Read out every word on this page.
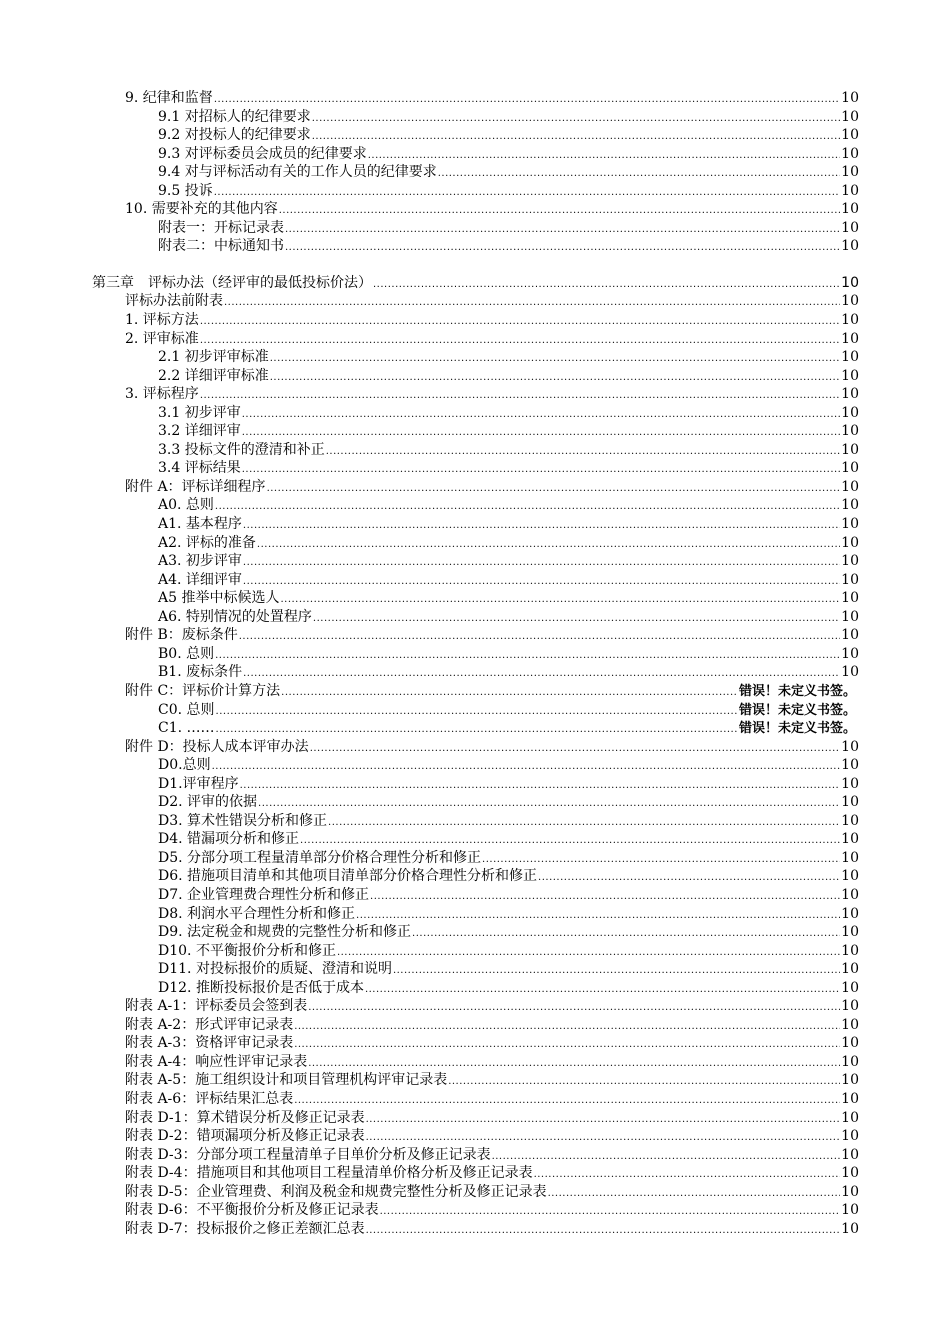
9. 纪律和监督 .....	10
9.1 对招标人的纪律要求 .....	10
9.2 对投标人的纪律要求 .....	10
9.3 对评标委员会成员的纪律要求 .....	10
9.4 对与评标活动有关的工作人员的纪律要求 .....	10
9.5 投诉 .....	10
10. 需要补充的其他内容 .....	10
附表一：开标记录表 .....	10
附表二：中标通知书 .....	10
第三章　评标办法（经评审的最低投标价法） .....	10
评标办法前附表 .....	10
1. 评标方法 .....	10
2. 评审标准 .....	10
2.1 初步评审标准 .....	10
2.2 详细评审标准 .....	10
3. 评标程序 .....	10
3.1 初步评审 .....	10
3.2 详细评审 .....	10
3.3 投标文件的澄清和补正 .....	10
3.4 评标结果 .....	10
附件 A：评标详细程序 .....	10
A0. 总则 .....	10
A1. 基本程序 .....	10
A2. 评标的准备 .....	10
A3. 初步评审 .....	10
A4. 详细评审 .....	10
A5 推举中标候选人 .....	10
A6. 特别情况的处置程序 .....	10
附件 B：废标条件 .....	10
B0. 总则 .....	10
B1. 废标条件 .....	10
附件 C：评标价计算方法 .....	错误！未定义书签。
C0. 总则 .....	错误！未定义书签。
C1. …… .....	错误！未定义书签。
附件 D：投标人成本评审办法 .....	10
D0.总则 .....	10
D1.评审程序 .....	10
D2. 评审的依据 .....	10
D3. 算术性错误分析和修正 .....	10
D4. 错漏项分析和修正 .....	10
D5. 分部分项工程量清单部分价格合理性分析和修正 .....	10
D6. 措施项目清单和其他项目清单部分价格合理性分析和修正 .....	10
D7. 企业管理费合理性分析和修正 .....	10
D8. 利润水平合理性分析和修正 .....	10
D9. 法定税金和规费的完整性分析和修正 .....	10
D10. 不平衡报价分析和修正 .....	10
D11. 对投标报价的质疑、澄清和说明 .....	10
D12. 推断投标报价是否低于成本 .....	10
附表 A-1：评标委员会签到表 .....	10
附表 A-2：形式评审记录表 .....	10
附表 A-3：资格评审记录表 .....	10
附表 A-4：响应性评审记录表 .....	10
附表 A-5：施工组织设计和项目管理机构评审记录表 .....	10
附表 A-6：评标结果汇总表 .....	10
附表 D-1：算术错误分析及修正记录表 .....	10
附表 D-2：错项漏项分析及修正记录表 .....	10
附表 D-3：分部分项工程量清单子目单价分析及修正记录表 .....	10
附表 D-4：措施项目和其他项目工程量清单价格分析及修正记录表 .....	10
附表 D-5：企业管理费、利润及税金和规费完整性分析及修正记录表 .....	10
附表 D-6：不平衡报价分析及修正记录表 .....	10
附表 D-7：投标报价之修正差额汇总表 .....	10
